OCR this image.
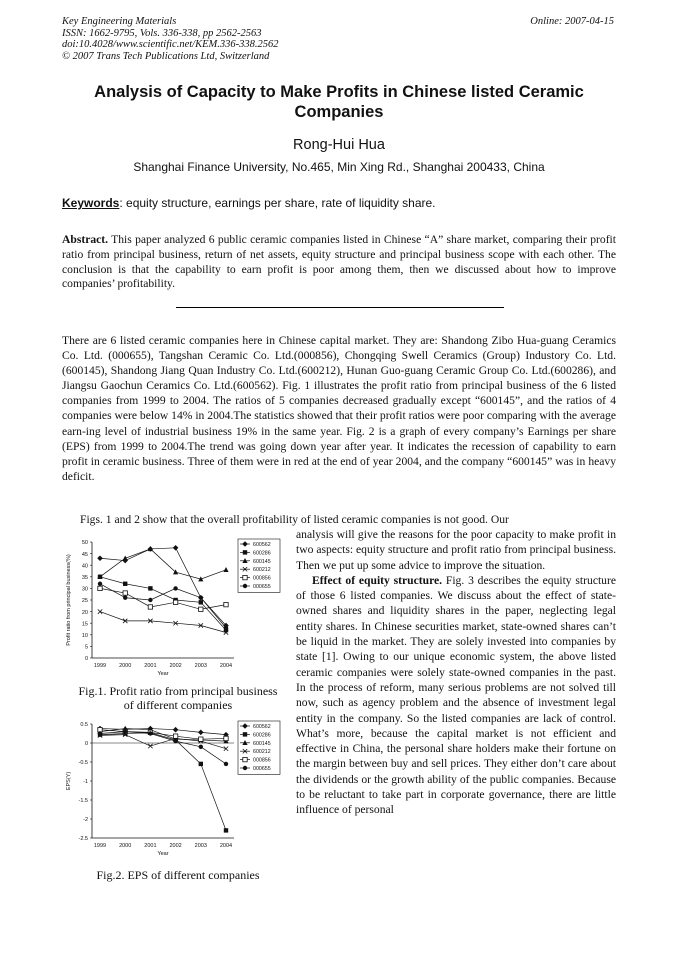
Key Engineering Materials
ISSN: 1662-9795, Vols. 336-338, pp 2562-2563
doi:10.4028/www.scientific.net/KEM.336-338.2562
© 2007 Trans Tech Publications Ltd, Switzerland
Online: 2007-04-15
Analysis of Capacity to Make Profits in Chinese listed Ceramic Companies
Rong-Hui Hua
Shanghai Finance University, No.465, Min Xing Rd., Shanghai 200433, China
Keywords: equity structure, earnings per share, rate of liquidity share.
Abstract. This paper analyzed 6 public ceramic companies listed in Chinese “A” share market, comparing their profit ratio from principal business, return of net assets, equity structure and principal business scope with each other. The conclusion is that the capability to earn profit is poor among them, then we discussed about how to improve companies’ profitability.
There are 6 listed ceramic companies here in Chinese capital market. They are: Shandong Zibo Hua-guang Ceramics Co. Ltd. (000655), Tangshan Ceramic Co. Ltd.(000856), Chongqing Swell Ceramics (Group) Industory Co. Ltd.(600145), Shandong Jiang Quan Industry Co. Ltd.(600212), Hunan Guo-guang Ceramic Group Co. Ltd.(600286), and Jiangsu Gaochun Ceramics Co. Ltd.(600562). Fig. 1 illustrates the profit ratio from principal business of the 6 listed companies from 1999 to 2004. The ratios of 5 companies decreased gradually except “600145”, and the ratios of 4 companies were below 14% in 2004.The statistics showed that their profit ratios were poor comparing with the average earn-ing level of industrial business 19% in the same year. Fig. 2 is a graph of every company’s Earnings per share (EPS) from 1999 to 2004.The trend was going down year after year. It indicates the recession of capability to earn profit in ceramic business. Three of them were in red at the end of year 2004, and the company “600145” was in heavy deficit.
Figs. 1 and 2 show that the overall profitability of listed ceramic companies is not good. Our

analysis will give the reasons for the poor capacity to make profit in two aspects: equity structure and profit ratio from principal business. Then we put up some advice to improve the situation.

Effect of equity structure. Fig. 3 describes the equity structure of those 6 listed companies. We discuss about the effect of state-owned shares and liquidity shares in the paper, neglecting legal entity shares. In Chinese securities market, state-owned shares can’t be liquid in the market. They are solely invested into companies by state [1]. Owing to our unique economic system, the above listed ceramic companies were solely state-owned companies in the past. In the process of reform, many serious problems are not solved till now, such as agency problem and the absence of investment legal entity in the company. So the listed companies are lack of control. What’s more, because the capital market is not efficient and effective in China, the personal share holders make their fortune on the margin between buy and sell prices. They either don’t care about the dividends or the growth ability of the public companies. Because to be reluctant to take part in corporate governance, there are little influence of personal

0
5
10
15
20
25
30
35
40
45
50
1999 2000 2001 2002 2003 2004
Year
Profit ratio from principal business(%)
600562
600286
600145
600212
000856
000655
Fig.1. Profit ratio from principal business of different companies
0.5
0
-0.5
-1
-1.5
-2
-2.5
1999 2000 2001 2002 2003 2004
Year
EPS(Y)
600562
600286
600145
600212
000856
000655
Fig.2. EPS of different companies
